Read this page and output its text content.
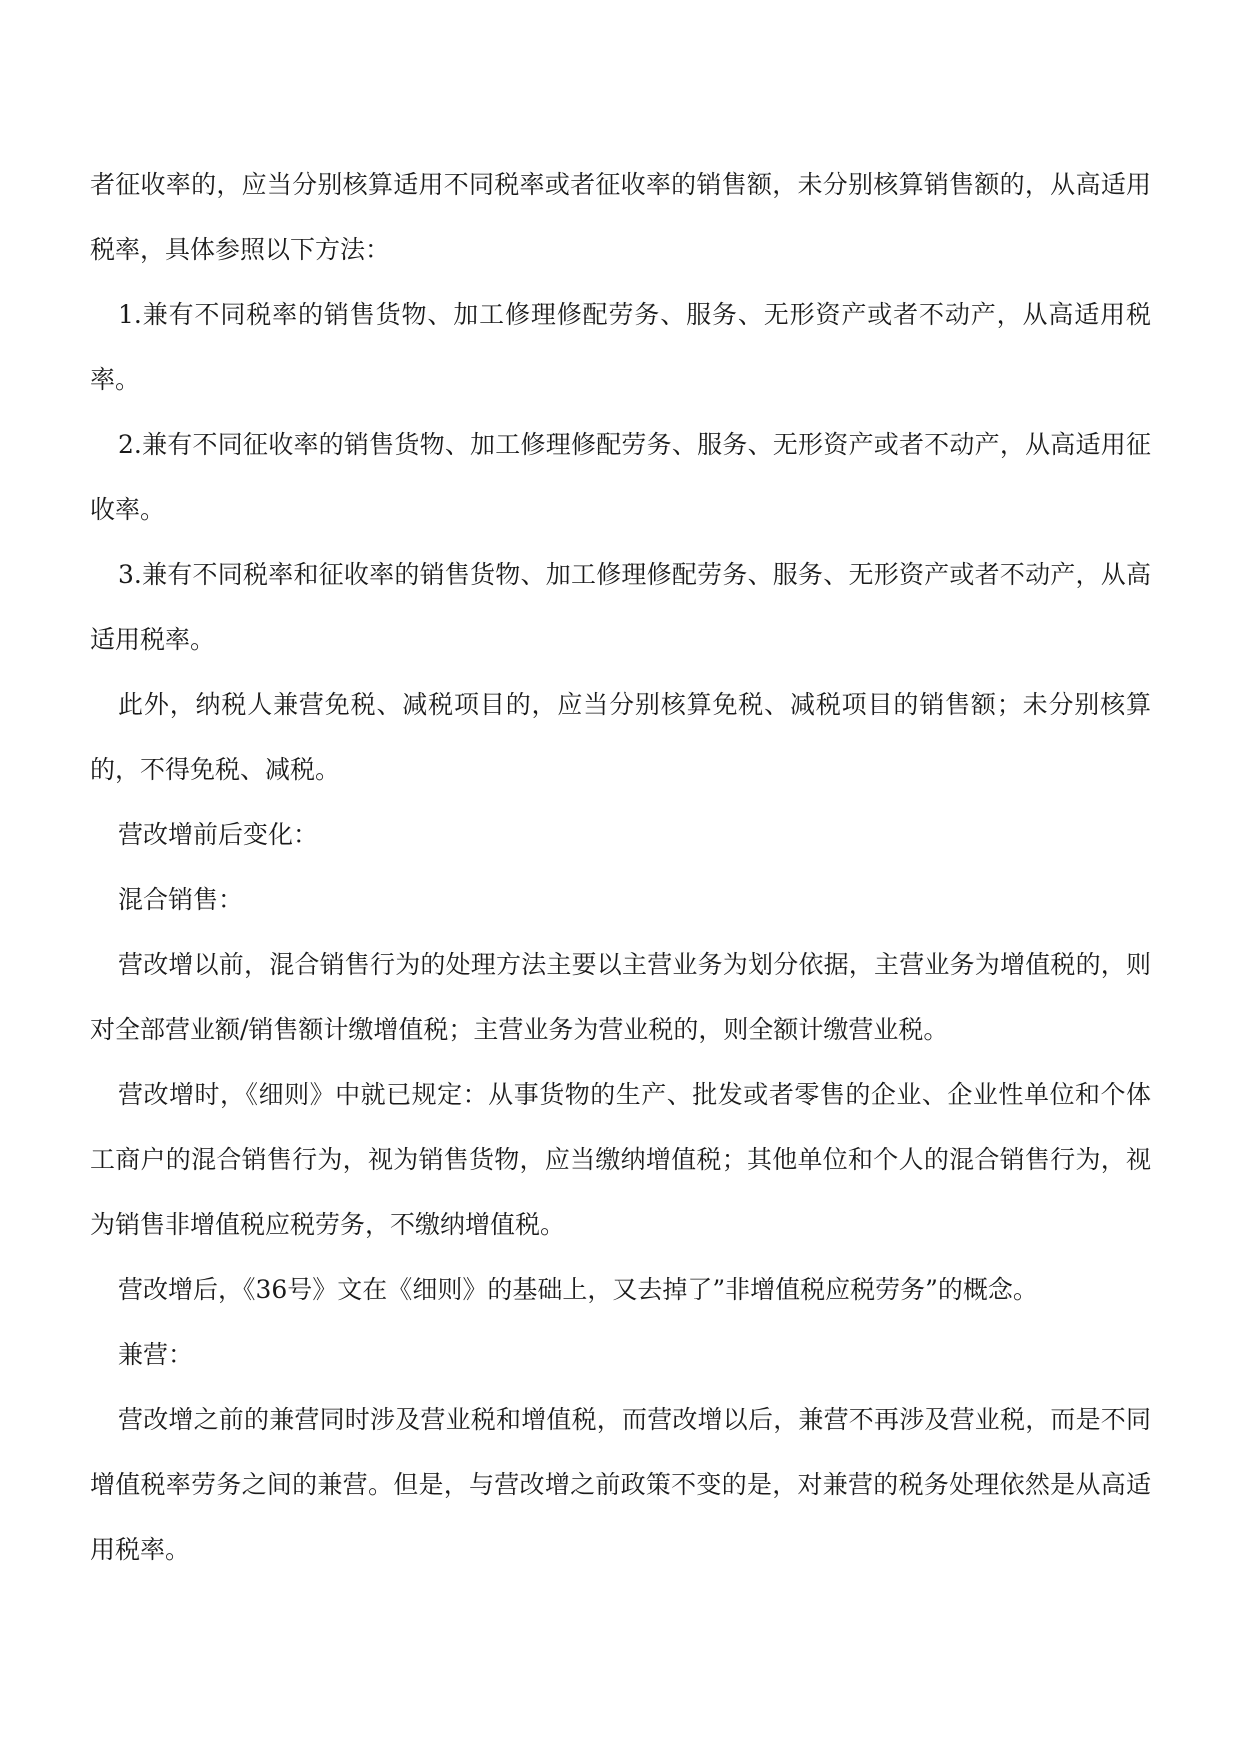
者征收率的，应当分别核算适用不同税率或者征收率的销售额，未分别核算销售额的，从高适用税率，具体参照以下方法：

1.兼有不同税率的销售货物、加工修理修配劳务、服务、无形资产或者不动产，从高适用税率。

2.兼有不同征收率的销售货物、加工修理修配劳务、服务、无形资产或者不动产，从高适用征收率。

3.兼有不同税率和征收率的销售货物、加工修理修配劳务、服务、无形资产或者不动产，从高适用税率。

此外，纳税人兼营免税、减税项目的，应当分别核算免税、减税项目的销售额；未分别核算的，不得免税、减税。

营改增前后变化：

混合销售：

营改增以前，混合销售行为的处理方法主要以主营业务为划分依据，主营业务为增值税的，则对全部营业额/销售额计缴增值税；主营业务为营业税的，则全额计缴营业税。

营改增时，《细则》中就已规定：从事货物的生产、批发或者零售的企业、企业性单位和个体工商户的混合销售行为，视为销售货物，应当缴纳增值税；其他单位和个人的混合销售行为，视为销售非增值税应税劳务，不缴纳增值税。

营改增后，《36号》文在《细则》的基础上，又去掉了”非增值税应税劳务”的概念。

兼营：

营改增之前的兼营同时涉及营业税和增值税，而营改增以后，兼营不再涉及营业税，而是不同增值税率劳务之间的兼营。但是，与营改增之前政策不变的是，对兼营的税务处理依然是从高适用税率。
